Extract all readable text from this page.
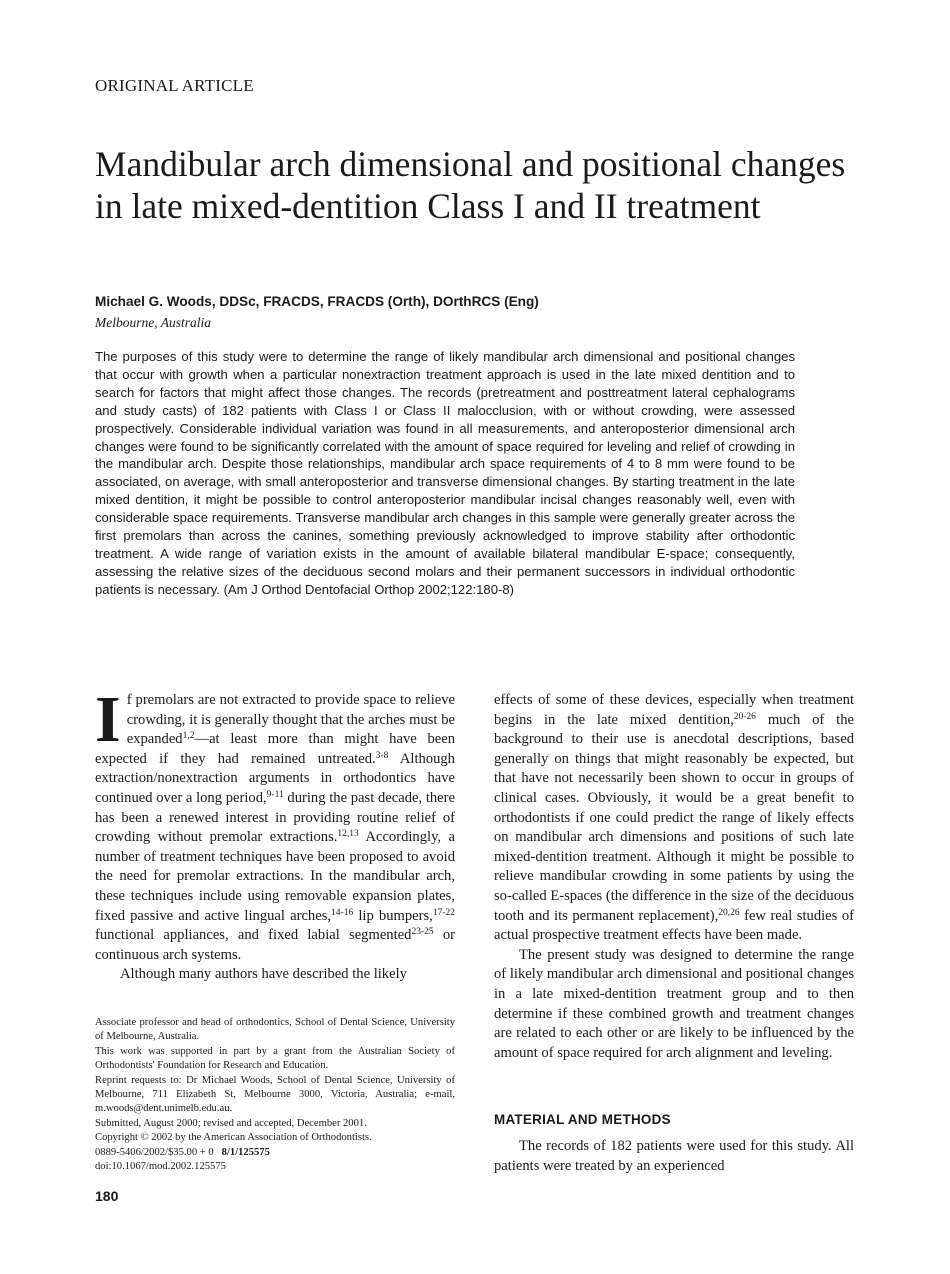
ORIGINAL ARTICLE
Mandibular arch dimensional and positional changes in late mixed-dentition Class I and II treatment
Michael G. Woods, DDSc, FRACDS, FRACDS (Orth), DOrthRCS (Eng)
Melbourne, Australia

The purposes of this study were to determine the range of likely mandibular arch dimensional and positional changes that occur with growth when a particular nonextraction treatment approach is used in the late mixed dentition and to search for factors that might affect those changes. The records (pretreatment and posttreatment lateral cephalograms and study casts) of 182 patients with Class I or Class II malocclusion, with or without crowding, were assessed prospectively. Considerable individual variation was found in all measurements, and anteroposterior dimensional arch changes were found to be significantly correlated with the amount of space required for leveling and relief of crowding in the mandibular arch. Despite those relationships, mandibular arch space requirements of 4 to 8 mm were found to be associated, on average, with small anteroposterior and transverse dimensional changes. By starting treatment in the late mixed dentition, it might be possible to control anteroposterior mandibular incisal changes reasonably well, even with considerable space requirements. Transverse mandibular arch changes in this sample were generally greater across the first premolars than across the canines, something previously acknowledged to improve stability after orthodontic treatment. A wide range of variation exists in the amount of available bilateral mandibular E-space; consequently, assessing the relative sizes of the deciduous second molars and their permanent successors in individual orthodontic patients is necessary. (Am J Orthod Dentofacial Orthop 2002;122:180-8)

If premolars are not extracted to provide space to relieve crowding, it is generally thought that the arches must be expanded$^{1,2}$—at least more than might have been expected if they had remained untreated.$^{3-8}$ Although extraction/nonextraction arguments in orthodontics have continued over a long period,$^{9-11}$ during the past decade, there has been a renewed interest in providing routine relief of crowding without premolar extractions.$^{12,13}$ Accordingly, a number of treatment techniques have been proposed to avoid the need for premolar extractions. In the mandibular arch, these techniques include using removable expansion plates, fixed passive and active lingual arches,$^{14-16}$ lip bumpers,$^{17-22}$ functional appliances, and fixed labial segmented$^{23-25}$ or continuous arch systems.

Although many authors have described the likely

Associate professor and head of orthodontics, School of Dental Science, University of Melbourne, Australia.

This work was supported in part by a grant from the Australian Society of Orthodontists' Foundation for Research and Education.

Reprint requests to: Dr Michael Woods, School of Dental Science, University of Melbourne, 711 Elizabeth St, Melbourne 3000, Victoria, Australia; e-mail, m.woods@dent.unimelb.edu.au.

Submitted, August 2000; revised and accepted, December 2001.

Copyright © 2002 by the American Association of Orthodontists.

0889-5406/2002/$35.00 + 0 8/1/125575

doi:10.1067/mod.2002.125575

effects of some of these devices, especially when treatment begins in the late mixed dentition,$^{20-26}$ much of the background to their use is anecdotal descriptions, based generally on things that might reasonably be expected, but that have not necessarily been shown to occur in groups of clinical cases. Obviously, it would be a great benefit to orthodontists if one could predict the range of likely effects on mandibular arch dimensions and positions of such late mixed-dentition treatment. Although it might be possible to relieve mandibular crowding in some patients by using the so-called E-spaces (the difference in the size of the deciduous tooth and its permanent replacement),$^{20,26}$ few real studies of actual prospective treatment effects have been made.

The present study was designed to determine the range of likely mandibular arch dimensional and positional changes in a late mixed-dentition treatment group and to then determine if these combined growth and treatment changes are related to each other or are likely to be influenced by the amount of space required for arch alignment and leveling.

MATERIAL AND METHODS

The records of 182 patients were used for this study. All patients were treated by an experienced

180
